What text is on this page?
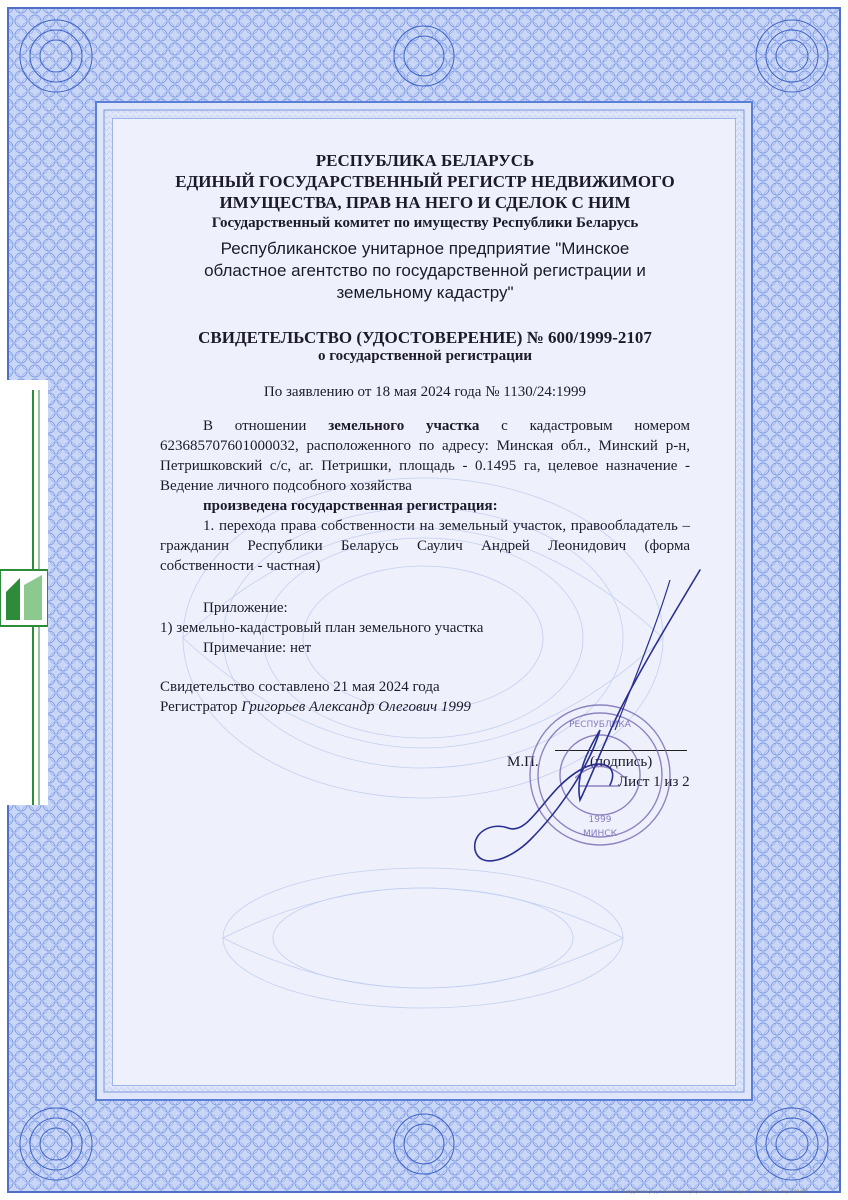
РЕСПУБЛИКА БЕЛАРУСЬ
ЕДИНЫЙ ГОСУДАРСТВЕННЫЙ РЕГИСТР НЕДВИЖИМОГО
ИМУЩЕСТВА, ПРАВ НА НЕГО И СДЕЛОК С НИМ
Государственный комитет по имуществу Республики Беларусь
Республиканское унитарное предприятие "Минское
областное агентство по государственной регистрации и
земельному кадастру"
СВИДЕТЕЛЬСТВО (УДОСТОВЕРЕНИЕ) № 600/1999-2107
о государственной регистрации
По заявлению от 18 мая 2024 года № 1130/24:1999
В отношении земельного участка с кадастровым номером 623685707601000032, расположенного по адресу: Минская обл., Минский р-н, Петришковский с/с, аг. Петришки, площадь - 0.1495 га, целевое назначение - Ведение личного подсобного хозяйства
произведена государственная регистрация:
1. перехода права собственности на земельный участок, правообладатель – гражданин Республики Беларусь Саулич Андрей Леонидович (форма собственности - частная)
Приложение:
1) земельно-кадастровый план земельного участка
Примечание: нет
Свидетельство составлено 21 мая 2024 года
Регистратор Григорьев Александр Олегович 1999
М.П.	(подпись)
Лист 1 из 2
РЕСПУБЛИКА
1999
МИНСК
РУП "Бобруйская укрупненная типография им. А. Т. Непогодина", зак. 0871-24, тир. 100 000
